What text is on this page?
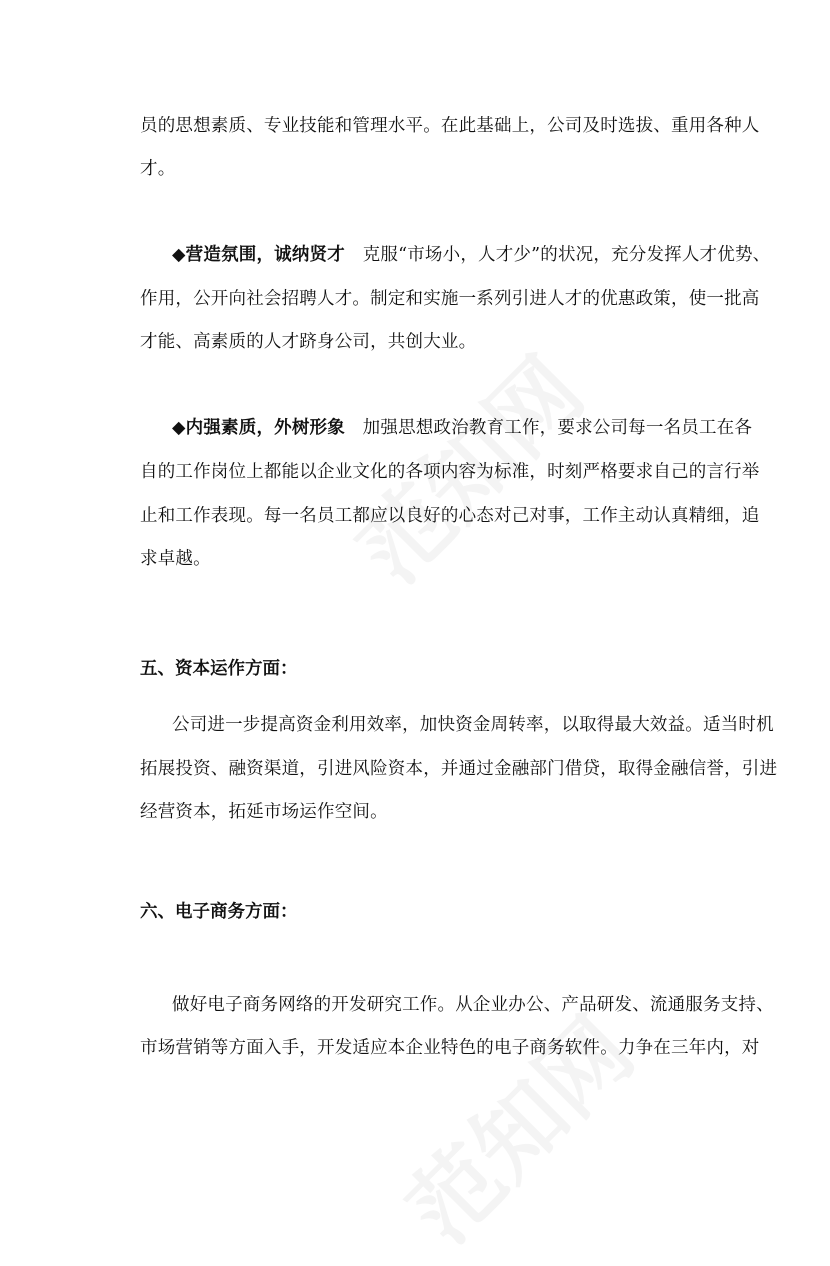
员的思想素质、专业技能和管理水平。在此基础上，公司及时选拔、重用各种人
才。
◆营造氛围，诚纳贤才　克服“市场小，人才少”的状况，充分发挥人才优势、
作用，公开向社会招聘人才。制定和实施一系列引进人才的优惠政策，使一批高
才能、高素质的人才跻身公司，共创大业。
◆内强素质，外树形象　加强思想政治教育工作，要求公司每一名员工在各
自的工作岗位上都能以企业文化的各项内容为标准，时刻严格要求自己的言行举
止和工作表现。每一名员工都应以良好的心态对己对事，工作主动认真精细，追
求卓越。
五、资本运作方面：
公司进一步提高资金利用效率，加快资金周转率，以取得最大效益。适当时机
拓展投资、融资渠道，引进风险资本，并通过金融部门借贷，取得金融信誉，引进
经营资本，拓延市场运作空间。
六、电子商务方面：
做好电子商务网络的开发研究工作。从企业办公、产品研发、流通服务支持、
市场营销等方面入手，开发适应本企业特色的电子商务软件。力争在三年内，对
